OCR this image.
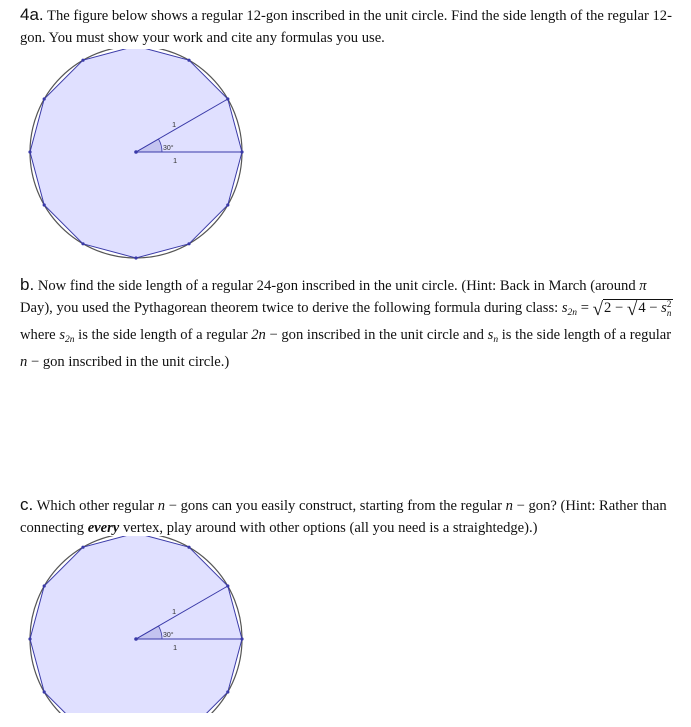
4a. The figure below shows a regular 12-gon inscribed in the unit circle. Find the side length of the regular 12-gon. You must show your work and cite any formulas you use.
1
1
30°
b. Now find the side length of a regular 24-gon inscribed in the unit circle. (Hint: Back in March (around π Day), you used the Pythagorean theorem twice to derive the following formula during class: $s_{2n} = √2 - √4 - s2$
n where $s_{2n}$ is the side length of a regular 2n − gon inscribed in the unit circle and $s_n$ is the side length of a regular n − gon inscribed in the unit circle.)
c. Which other regular n − gons can you easily construct, starting from the regular n − gon? (Hint: Rather than connecting every vertex, play around with other options (all you need is a straightedge).)
1
1
30°
